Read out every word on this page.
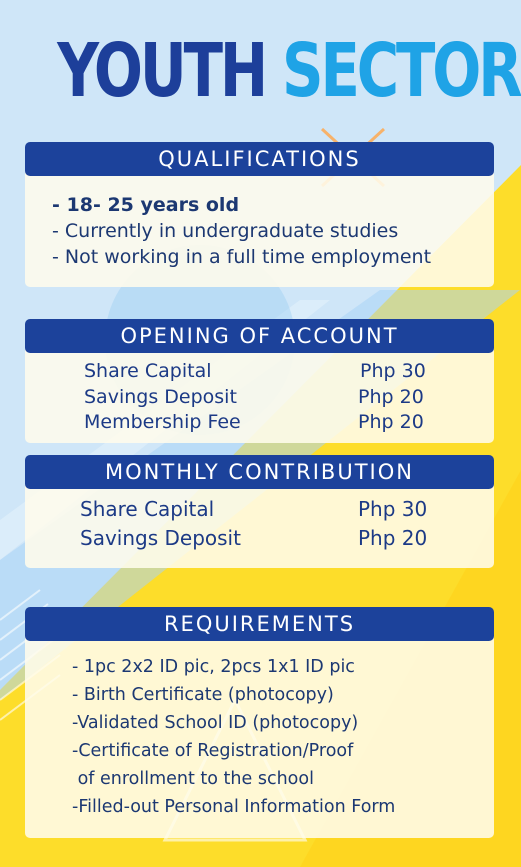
YOUTH SECTOR
QUALIFICATIONS
- 18- 25 years old
- Currently in undergraduate studies
- Not working in a full time employment
OPENING OF ACCOUNT
Share Capital	Php 30
Savings Deposit	Php 20
Membership Fee	Php 20
MONTHLY CONTRIBUTION
Share Capital	Php 30
Savings Deposit	Php 20
REQUIREMENTS
- 1pc 2x2 ID pic, 2pcs 1x1 ID pic
- Birth Certificate (photocopy)
-Validated School ID (photocopy)
-Certificate of Registration/Proof
of enrollment to the school
-Filled-out Personal Information Form
